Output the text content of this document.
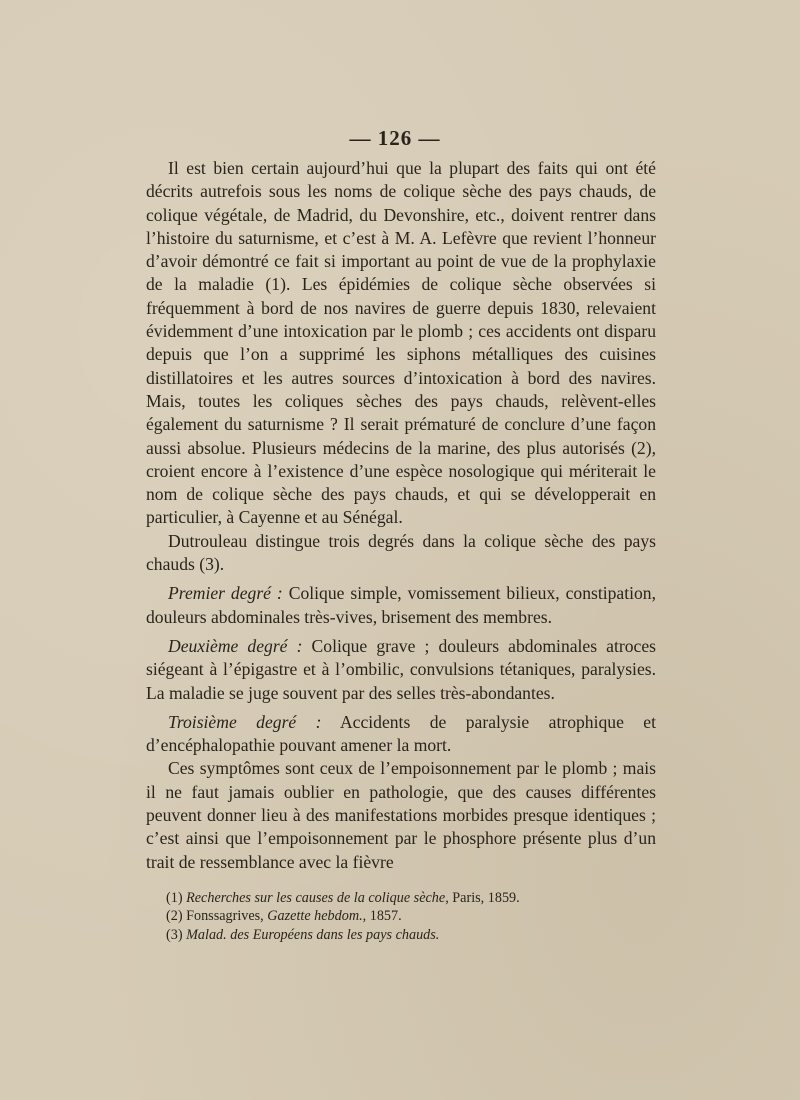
— 126 —

Il est bien certain aujourd’hui que la plupart des faits qui ont été décrits autrefois sous les noms de colique sèche des pays chauds, de colique végétale, de Madrid, du Devonshire, etc., doivent rentrer dans l’histoire du saturnisme, et c’est à M. A. Lefèvre que revient l’honneur d’avoir démontré ce fait si important au point de vue de la prophylaxie de la maladie (1). Les épidémies de colique sèche observées si fréquemment à bord de nos navires de guerre depuis 1830, relevaient évidemment d’une intoxication par le plomb ; ces accidents ont disparu depuis que l’on a supprimé les siphons métalliques des cuisines distillatoires et les autres sources d’intoxication à bord des navires. Mais, toutes les coliques sèches des pays chauds, relèvent-elles également du saturnisme ? Il serait prématuré de conclure d’une façon aussi absolue. Plusieurs médecins de la marine, des plus autorisés (2), croient encore à l’existence d’une espèce nosologique qui mériterait le nom de colique sèche des pays chauds, et qui se développerait en particulier, à Cayenne et au Sénégal.

Dutrouleau distingue trois degrés dans la colique sèche des pays chauds (3).

Premier degré : Colique simple, vomissement bilieux, constipation, douleurs abdominales très-vives, brisement des membres.

Deuxième degré : Colique grave ; douleurs abdominales atroces siégeant à l’épigastre et à l’ombilic, convulsions tétaniques, paralysies. La maladie se juge souvent par des selles très-abondantes.

Troisième degré : Accidents de paralysie atrophique et d’encéphalopathie pouvant amener la mort.

Ces symptômes sont ceux de l’empoisonnement par le plomb ; mais il ne faut jamais oublier en pathologie, que des causes différentes peuvent donner lieu à des manifestations morbides presque identiques ; c’est ainsi que l’empoisonnement par le phosphore présente plus d’un trait de ressemblance avec la fièvre

(1) Recherches sur les causes de la colique sèche, Paris, 1859.
(2) Fonssagrives, Gazette hebdom., 1857.
(3) Malad. des Européens dans les pays chauds.
